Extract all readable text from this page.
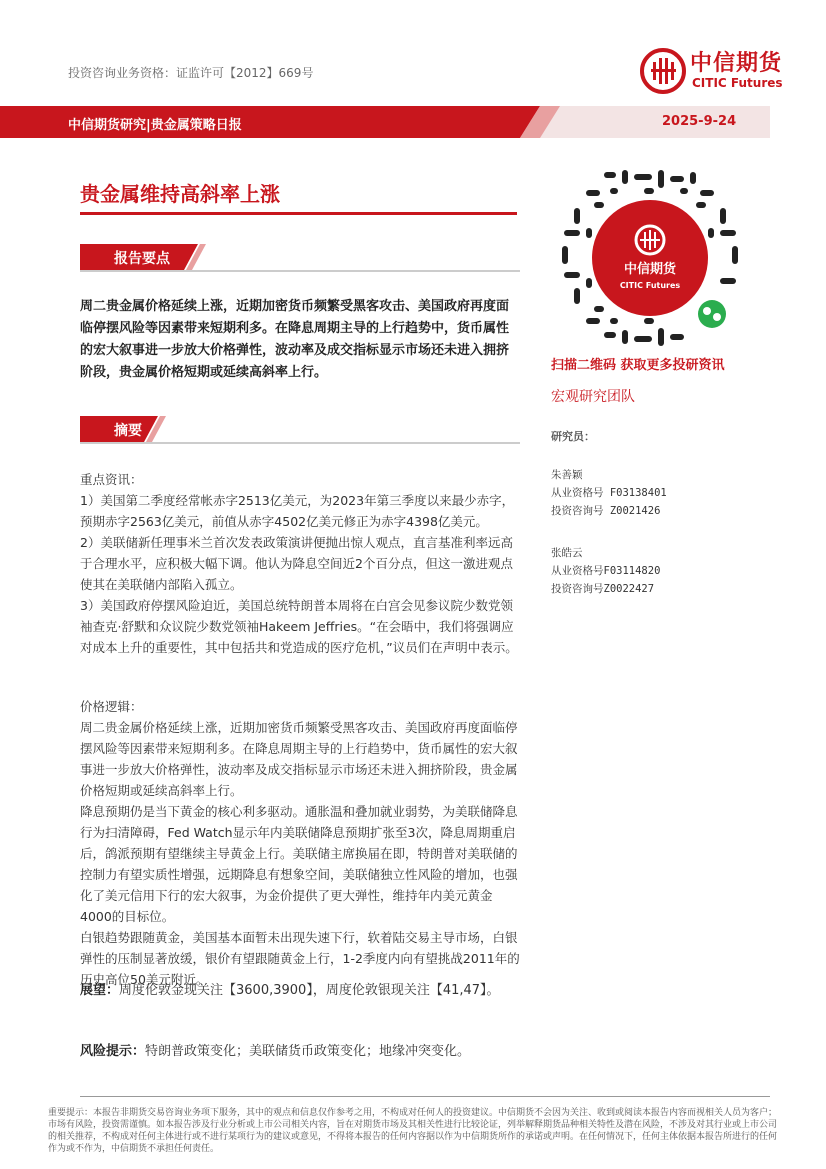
投资咨询业务资格：证监许可【2012】669号	中信期货
CITIC Futures
中信期货研究|贵金属策略日报	2025-9-24
贵金属维持高斜率上涨
报告要点
周二贵金属价格延续上涨，近期加密货币频繁受黑客攻击、美国政府再度面临停摆风险等因素带来短期利多。在降息周期主导的上行趋势中，货币属性的宏大叙事进一步放大价格弹性，波动率及成交指标显示市场还未进入拥挤阶段，贵金属价格短期或延续高斜率上行。
摘要

重点资讯：

1）美国第二季度经常帐赤字2513亿美元，为2023年第三季度以来最少赤字，预期赤字2563亿美元，前值从赤字4502亿美元修正为赤字4398亿美元。

2）美联储新任理事米兰首次发表政策演讲便抛出惊人观点，直言基准利率远高于合理水平，应积极大幅下调。他认为降息空间近2个百分点，但这一激进观点使其在美联储内部陷入孤立。

3）美国政府停摆风险迫近，美国总统特朗普本周将在白宫会见参议院少数党领袖查克·舒默和众议院少数党领袖Hakeem Jeffries。“在会晤中，我们将强调应对成本上升的重要性，其中包括共和党造成的医疗危机，”议员们在声明中表示。

价格逻辑：

周二贵金属价格延续上涨，近期加密货币频繁受黑客攻击、美国政府再度面临停摆风险等因素带来短期利多。在降息周期主导的上行趋势中，货币属性的宏大叙事进一步放大价格弹性，波动率及成交指标显示市场还未进入拥挤阶段，贵金属价格短期或延续高斜率上行。

降息预期仍是当下黄金的核心利多驱动。通胀温和叠加就业弱势，为美联储降息行为扫清障碍，Fed Watch显示年内美联储降息预期扩张至3次，降息周期重启后，鸽派预期有望继续主导黄金上行。美联储主席换届在即，特朗普对美联储的控制力有望实质性增强，远期降息有想象空间，美联储独立性风险的增加，也强化了美元信用下行的宏大叙事，为金价提供了更大弹性，维持年内美元黄金4000的目标位。

白银趋势跟随黄金，美国基本面暂未出现失速下行，软着陆交易主导市场，白银弹性的压制显著放缓，银价有望跟随黄金上行，1-2季度内向有望挑战2011年的历史高位50美元附近。

展望：周度伦敦金现关注【3600,3900】，周度伦敦银现关注【41,47】。
风险提示：特朗普政策变化；美联储货币政策变化；地缘冲突变化。
中信期货
CITIC Futures
扫描二维码 获取更多投研资讯
宏观研究团队
研究员：
朱善颖
从业资格号 F03138401
投资咨询号 Z0021426
张皓云
从业资格号F03114820
投资咨询号Z0022427
重要提示：本报告非期货交易咨询业务项下服务，其中的观点和信息仅作参考之用，不构成对任何人的投资建议。中信期货不会因为关注、收到或阅读本报告内容而视相关人员为客户；市场有风险，投资需谨慎。如本报告涉及行业分析或上市公司相关内容，旨在对期货市场及其相关性进行比较论证，列举解释期货品种相关特性及潜在风险，不涉及对其行业或上市公司的相关推荐，不构成对任何主体进行或不进行某项行为的建议或意见，不得将本报告的任何内容据以作为中信期货所作的承诺或声明。在任何情况下，任何主体依据本报告所进行的任何作为或不作为，中信期货不承担任何责任。
